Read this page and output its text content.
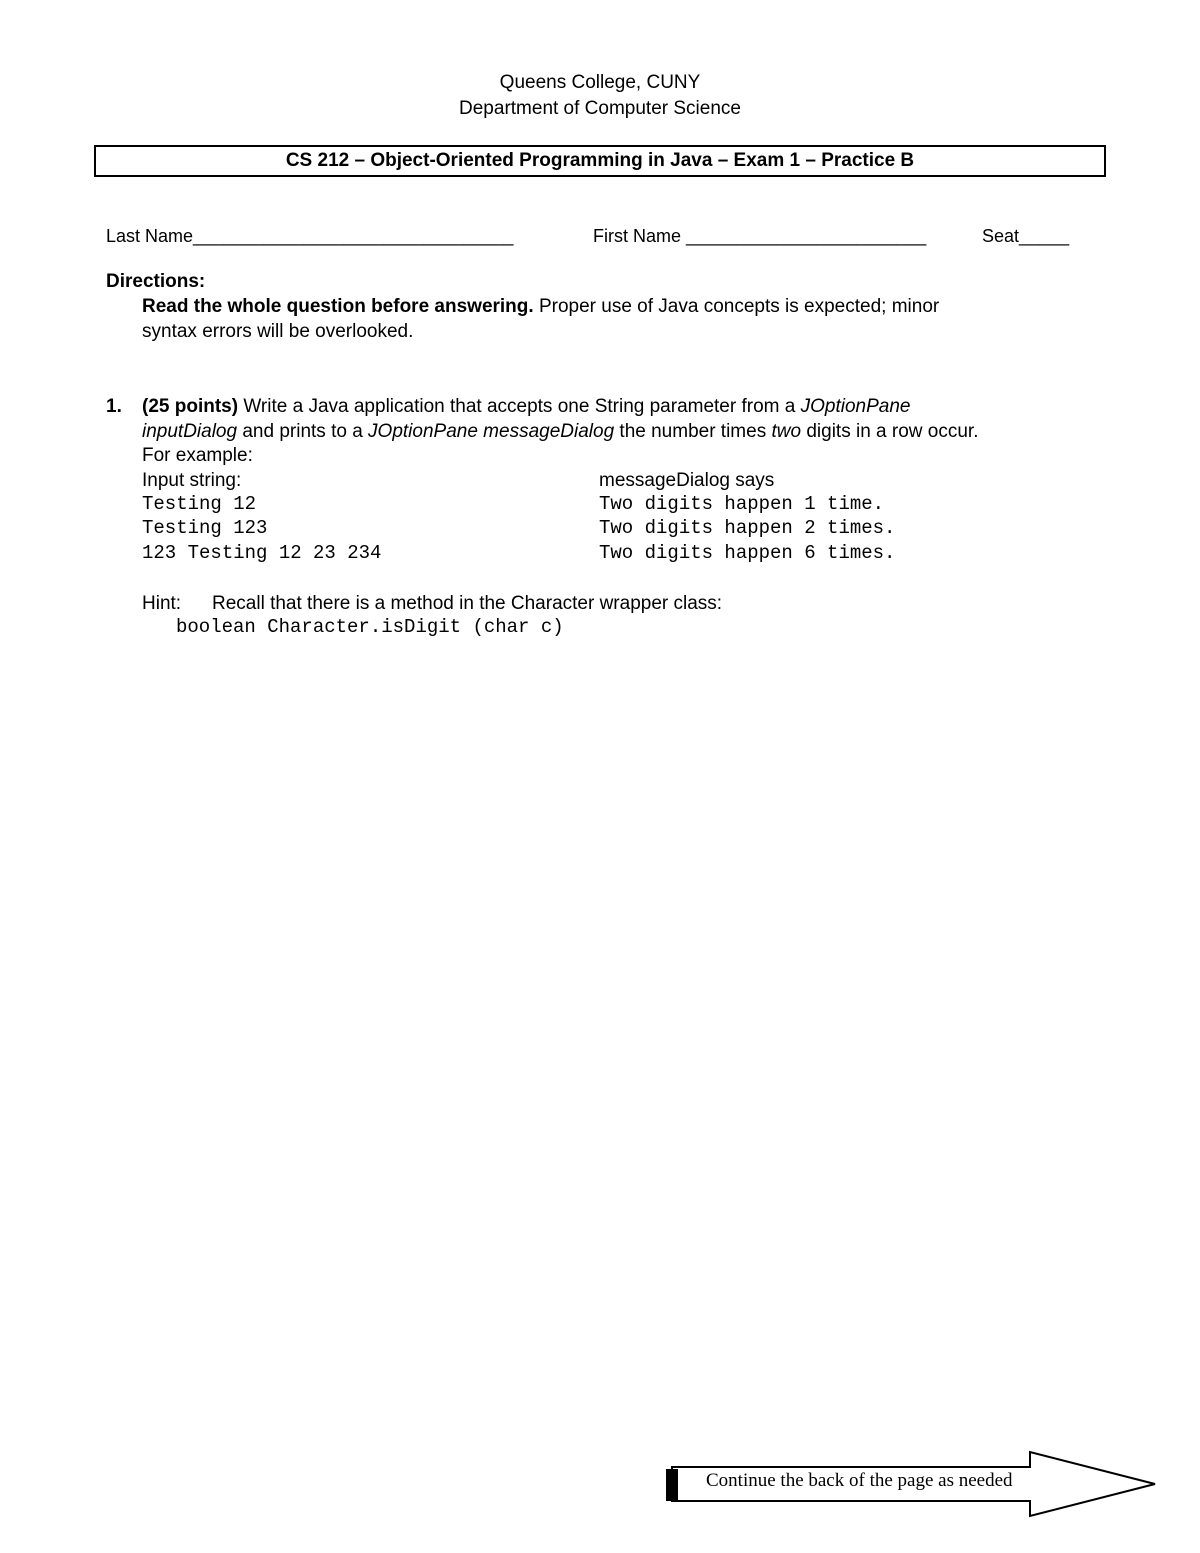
Queens College, CUNY
Department of Computer Science
CS 212 – Object-Oriented Programming in Java – Exam 1 – Practice B
Last Name________________________________	First Name ________________________	Seat_____
Directions:
Read the whole question before answering. Proper use of Java concepts is expected; minor
syntax errors will be overlooked.
1. (25 points) Write a Java application that accepts one String parameter from a JOptionPane
inputDialog and prints to a JOptionPane messageDialog the number times two digits in a row occur.
For example:
Input string:	messageDialog says
Testing 12	Two digits happen 1 time.
Testing 123	Two digits happen 2 times.
123 Testing 12 23 234	Two digits happen 6 times.
Hint: Recall that there is a method in the Character wrapper class:
boolean Character.isDigit (char c)
Continue the back of the page as needed
